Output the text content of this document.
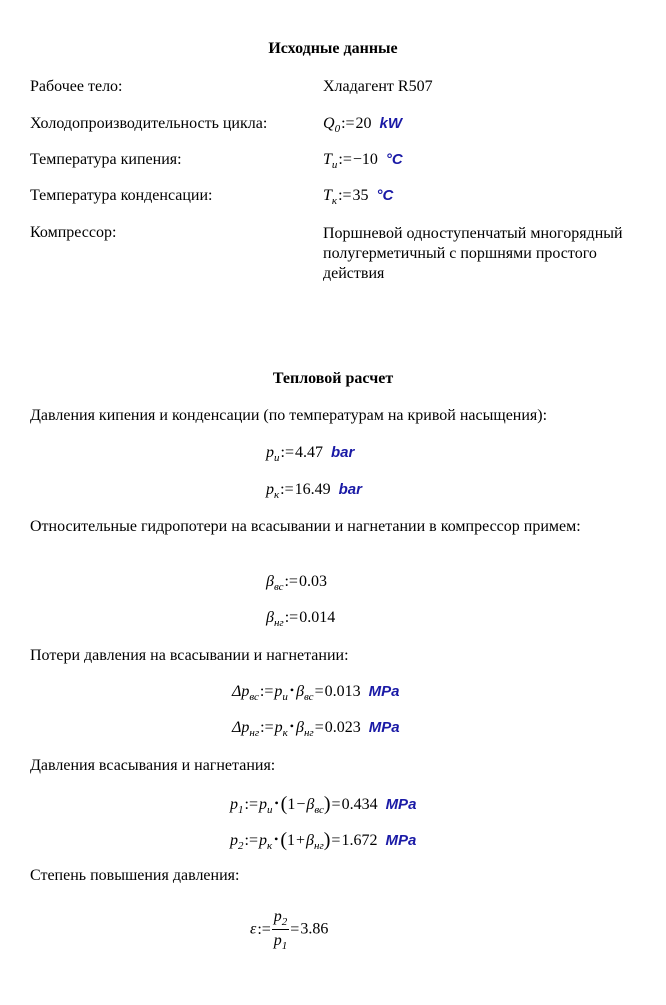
Исходные данные
Рабочее тело:	Хладагент R507
Холодопроизводительность цикла:	$Q_0:=20$ kW
Температура кипения:	$T_и:=-10$ °C
Температура конденсации:	$T_к:=35$ °C
Компрессор:	Поршневой одноступенчатый многорядный полугерметичный с поршнями простого действия
Тепловой расчет
Давления кипения и конденсации (по температурам на кривой насыщения):
$p_и:=4.47$ bar
$p_к:=16.49$ bar
Относительные гидропотери на всасывании и нагнетании в компрессор примем:
$\beta_{вс}:=0.03$
$\beta_{нг}:=0.014$
Потери давления на всасывании и нагнетании:
$\Delta p_{вс}:=p_и$ • $\beta_{вс}=0.013$ MPa
$\Delta p_{нг}:=p_к$ • $\beta_{нг}=0.023$ MPa
Давления всасывания и нагнетания:
$p_1:=p_и$ • $(1-\beta_{вс})=0.434$ MPa
$p_2:=p_к$ • $(1+\beta_{нг})=1.672$ MPa
Степень повышения давления:
ε:= $\frac{p_2}{p_1} =3.86$
